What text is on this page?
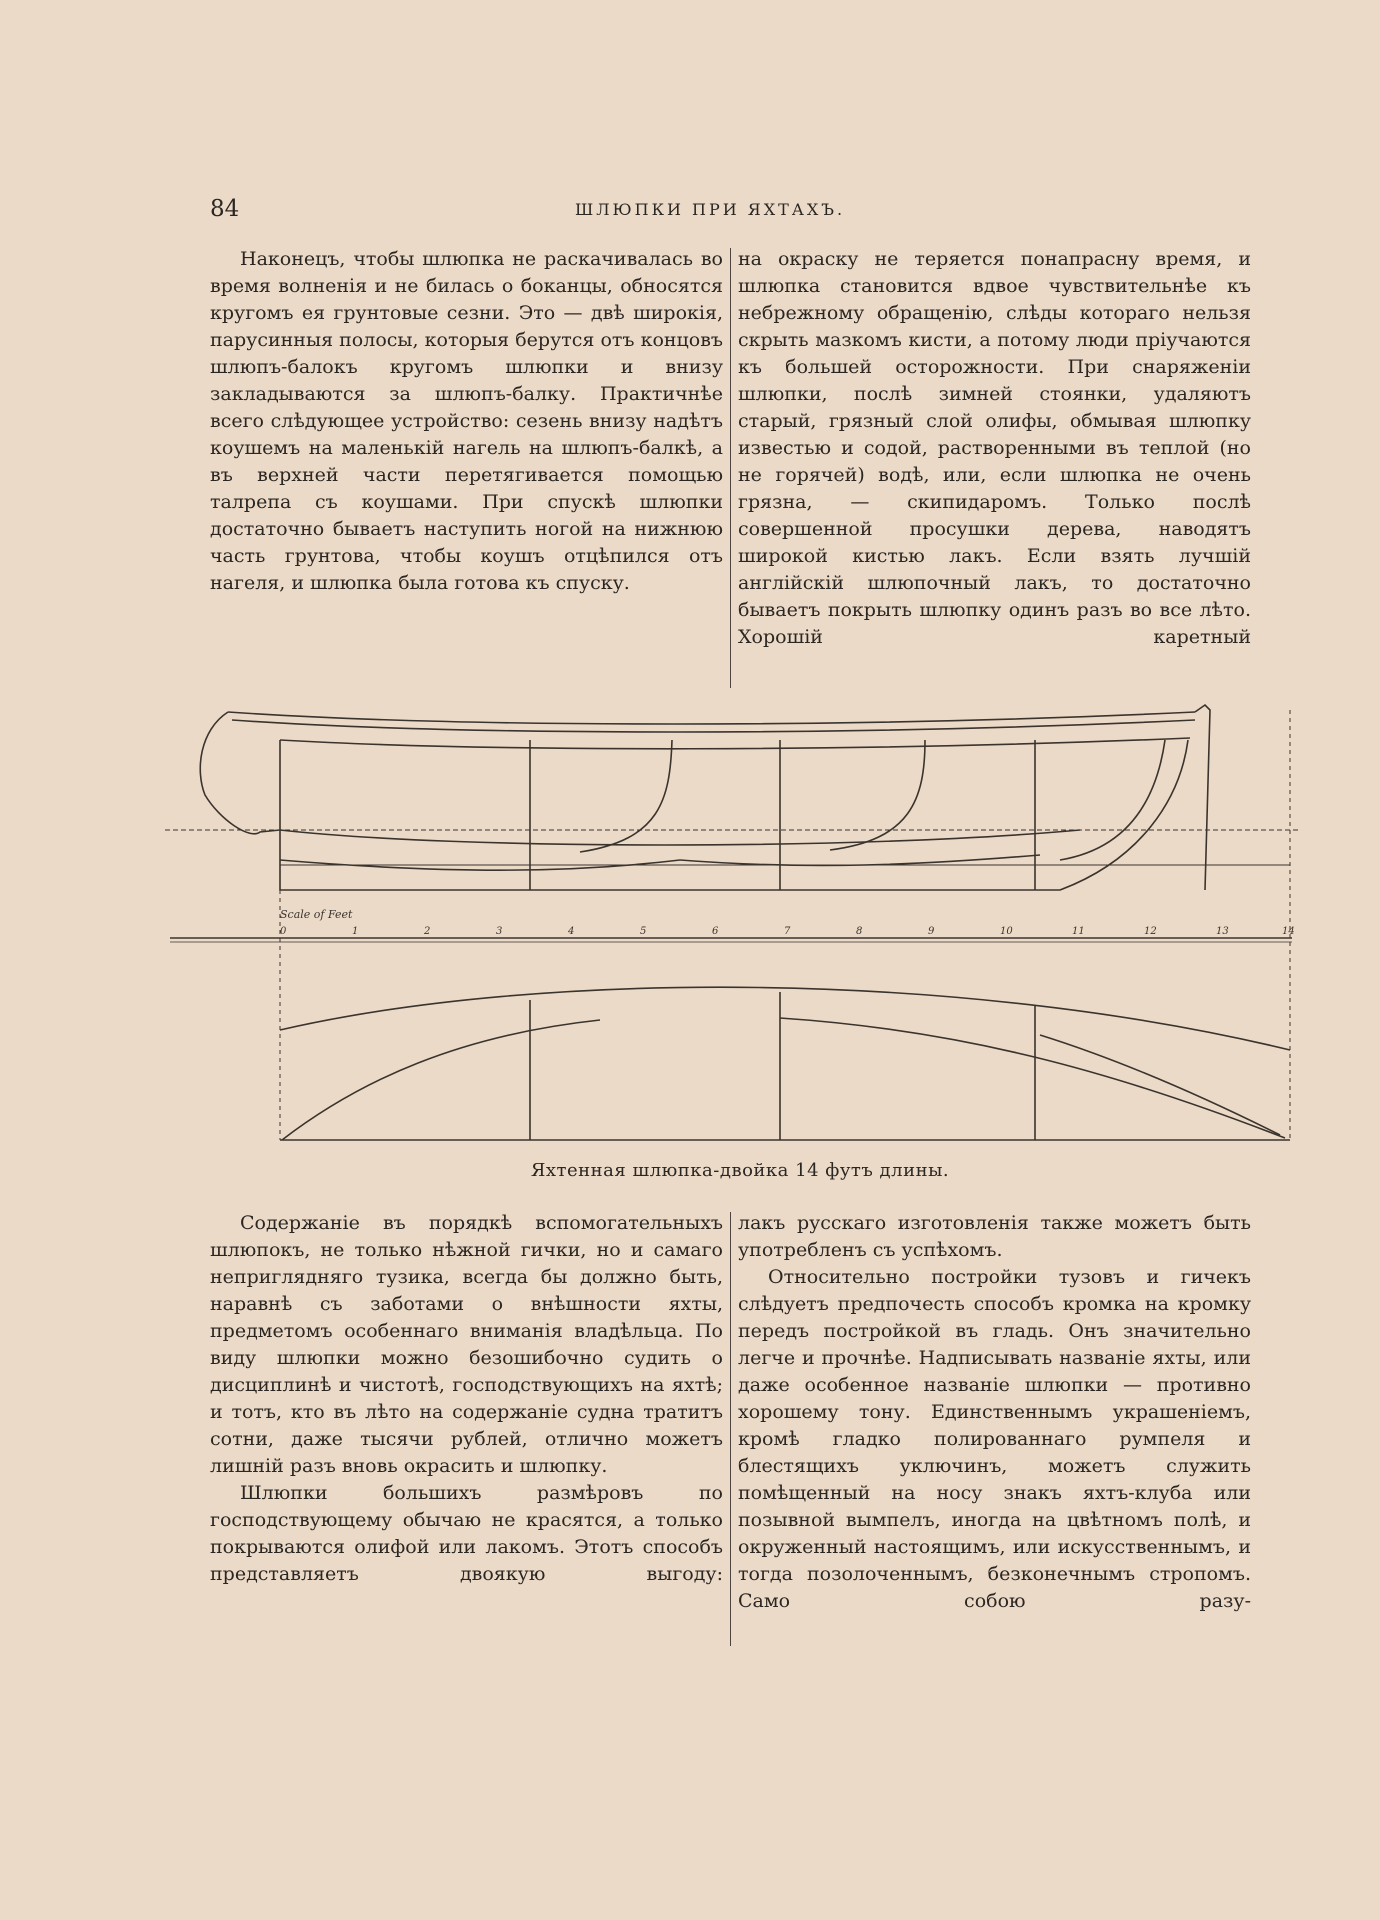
84	ШЛЮПКИ ПРИ ЯХТАХЪ.

Наконецъ, чтобы шлюпка не раскачивалась во время волненія и не билась о боканцы, обносятся кругомъ ея грунтовые сезни. Это — двѣ широкія, парусинныя полосы, которыя берутся отъ концовъ шлюпъ-балокъ кругомъ шлюпки и внизу закладываются за шлюпъ-балку. Практичнѣе всего слѣдующее устройство: сезень внизу надѣтъ коушемъ на маленькій нагель на шлюпъ-балкѣ, а въ верхней части перетягивается помощью талрепа съ коушами. При спускѣ шлюпки достаточно бываетъ наступить ногой на нижнюю часть грунтова, чтобы коушъ отцѣпился отъ нагеля, и шлюпка была готова къ спуску.

на окраску не теряется понапрасну время, и шлюпка становится вдвое чувствительнѣе къ небрежному обращенію, слѣды котораго нельзя скрыть мазкомъ кисти, а потому люди пріучаются къ большей осторожности. При снаряженіи шлюпки, послѣ зимней стоянки, удаляютъ старый, грязный слой олифы, обмывая шлюпку известью и содой, растворенными въ теплой (но не горячей) водѣ, или, если шлюпка не очень грязна, — скипидаромъ. Только послѣ совершенной просушки дерева, наводятъ широкой кистью лакъ. Если взять лучшій англійскій шлюпочный лакъ, то достаточно бываетъ покрыть шлюпку одинъ разъ во все лѣто. Хорошій каретный

Scale of Feet
0	1	2	3	4	5	6	7	8	9	10	11	12	13	14
Яхтенная шлюпка-двойка 14 футъ длины.

Содержаніе въ порядкѣ вспомогательныхъ шлюпокъ, не только нѣжной гички, но и самаго неприглядняго тузика, всегда бы должно быть, наравнѣ съ заботами о внѣшности яхты, предметомъ особеннаго вниманія владѣльца. По виду шлюпки можно безошибочно судить о дисциплинѣ и чистотѣ, господствующихъ на яхтѣ; и тотъ, кто въ лѣто на содержаніе судна тратитъ сотни, даже тысячи рублей, отлично можетъ лишній разъ вновь окрасить и шлюпку.

Шлюпки большихъ размѣровъ по господствующему обычаю не красятся, а только покрываются олифой или лакомъ. Этотъ способъ представляетъ двоякую выгоду:

лакъ русскаго изготовленія также можетъ быть употребленъ съ успѣхомъ.

Относительно постройки тузовъ и гичекъ слѣдуетъ предпочесть способъ кромка на кромку передъ постройкой въ гладь. Онъ значительно легче и прочнѣе. Надписывать названіе яхты, или даже особенное названіе шлюпки — противно хорошему тону. Единственнымъ украшеніемъ, кромѣ гладко полированнаго румпеля и блестящихъ уключинъ, можетъ служить помѣщенный на носу знакъ яхтъ-клуба или позывной вымпелъ, иногда на цвѣтномъ полѣ, и окруженный настоящимъ, или искусственнымъ, и тогда позолоченнымъ, безконечнымъ стропомъ. Само собою разу-
